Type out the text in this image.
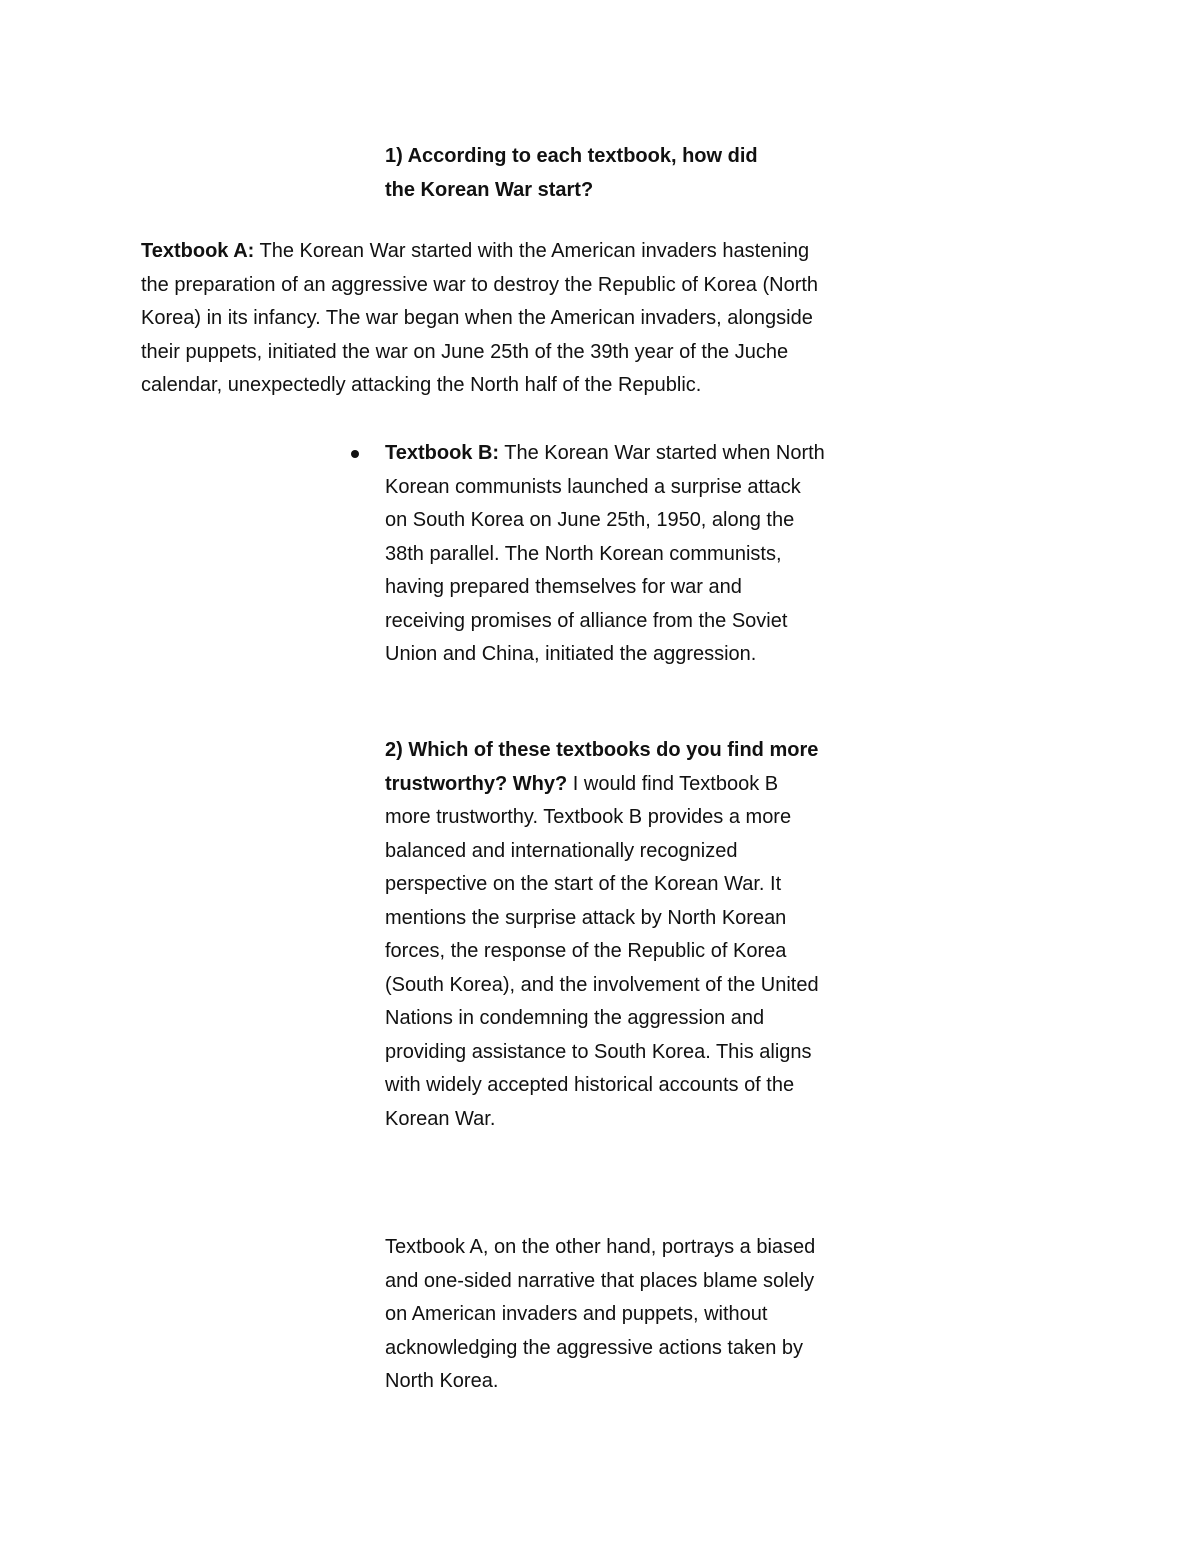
1) According to each textbook, how did
the Korean War start?

Textbook A: The Korean War started with the American invaders hastening the preparation of an aggressive war to destroy the Republic of Korea (North Korea) in its infancy. The war began when the American invaders, alongside their puppets, initiated the war on June 25th of the 39th year of the Juche calendar, unexpectedly attacking the North half of the Republic.

Textbook B: The Korean War started when North Korean communists launched a surprise attack on South Korea on June 25th, 1950, along the 38th parallel. The North Korean communists, having prepared themselves for war and receiving promises of alliance from the Soviet Union and China, initiated the aggression.

2) Which of these textbooks do you find more trustworthy? Why? I would find Textbook B more trustworthy. Textbook B provides a more balanced and internationally recognized perspective on the start of the Korean War. It mentions the surprise attack by North Korean forces, the response of the Republic of Korea (South Korea), and the involvement of the United Nations in condemning the aggression and providing assistance to South Korea. This aligns with widely accepted historical accounts of the Korean War.

Textbook A, on the other hand, portrays a biased and one-sided narrative that places blame solely on American invaders and puppets, without acknowledging the aggressive actions taken by North Korea.
